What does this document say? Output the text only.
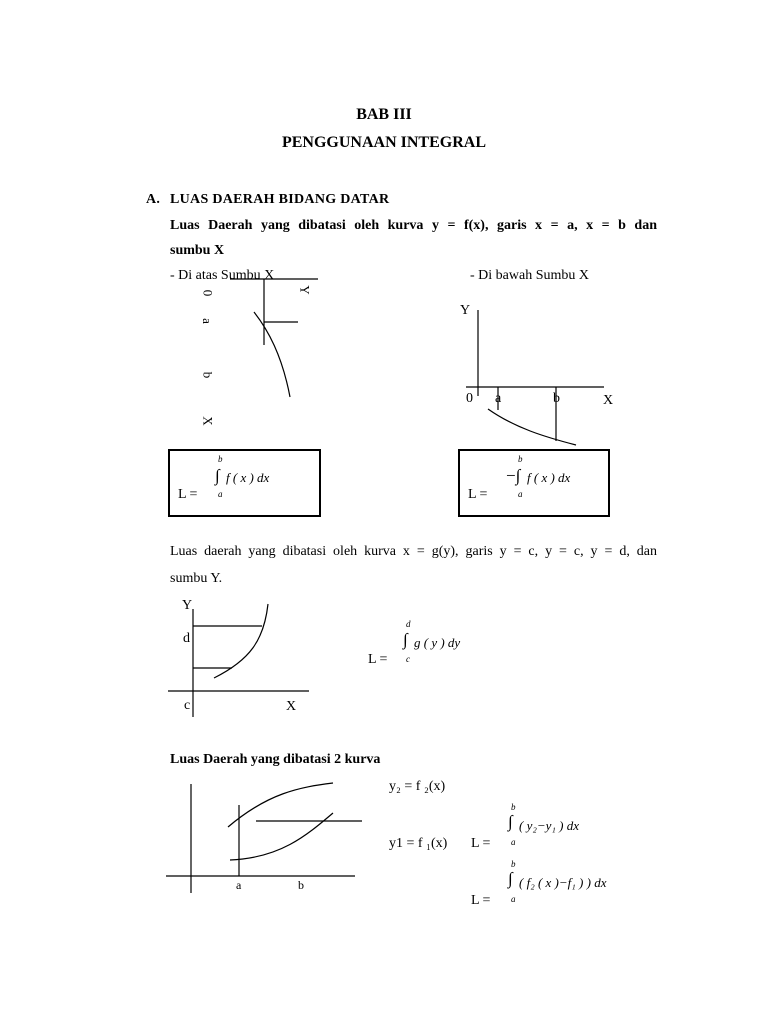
BAB III
PENGGUNAAN INTEGRAL
A. LUAS DAERAH BIDANG DATAR
Luas Daerah yang dibatasi oleh kurva y = f(x), garis x = a, x = b dan
sumbu X
- Di atas Sumbu X	- Di bawah Sumbu X
0
a
b
X
Y
Y
0 a	b	X
b
∫ f ( x ) dx
a
L =
b
−∫ f ( x ) dx
a
L =
Luas daerah yang dibatasi oleh kurva x = g(y), garis y = c, y = c, y = d, dan
sumbu Y.
Y
d
c	X
d
∫ g ( y ) dy
c
L =
Luas Daerah yang dibatasi 2 kurva
a	b
y₂ = f ₂(x)
y1 = f ₁(x)
b
∫ ( y₂−y₁ ) dx
a
L =
b
∫ ( f₂ ( x )−f₁ ) ) dx
a
L =
